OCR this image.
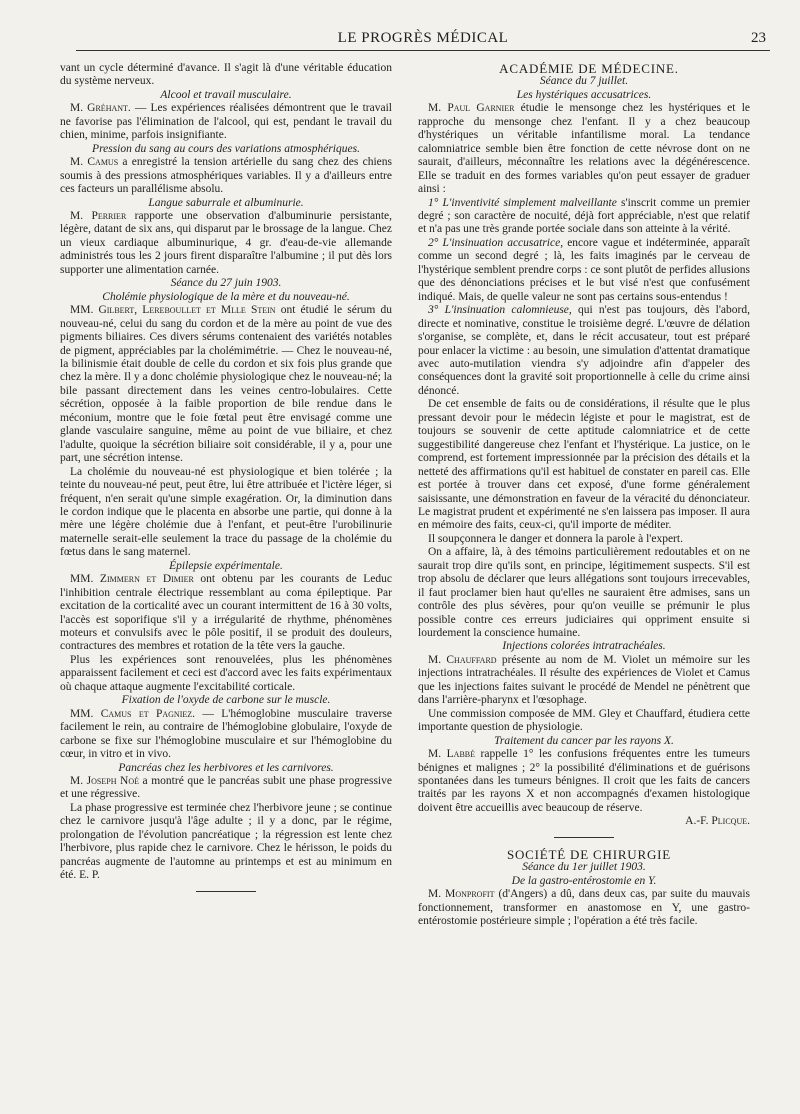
LE PROGRÈS MÉDICAL	23

vant un cycle déterminé d'avance. Il s'agit là d'une véritable éducation du système nerveux.

Alcool et travail musculaire.

M. Gréhant. — Les expériences réalisées démontrent que le travail ne favorise pas l'élimination de l'alcool, qui est, pendant le travail du chien, minime, parfois insignifiante.

Pression du sang au cours des variations atmosphériques.

M. Camus a enregistré la tension artérielle du sang chez des chiens soumis à des pressions atmosphériques variables. Il y a d'ailleurs entre ces facteurs un parallélisme absolu.

Langue saburrale et albuminurie.

M. Perrier rapporte une observation d'albuminurie persistante, légère, datant de six ans, qui disparut par le brossage de la langue. Chez un vieux cardiaque albuminurique, 4 gr. d'eau-de-vie allemande administrés tous les 2 jours firent disparaître l'albumine ; il put dès lors supporter une alimentation carnée.

Séance du 27 juin 1903.

Cholémie physiologique de la mère et du nouveau-né.

MM. Gilbert, Lereboullet et Mlle Stein ont étudié le sérum du nouveau-né, celui du sang du cordon et de la mère au point de vue des pigments biliaires. Ces divers sérums contenaient des variétés notables de pigment, appréciables par la cholémimétrie. — Chez le nouveau-né, la bilinismie était double de celle du cordon et six fois plus grande que chez la mère. Il y a donc cholémie physiologique chez le nouveau-né; la bile passant directement dans les veines centro-lobulaires. Cette sécrétion, opposée à la faible proportion de bile rendue dans le méconium, montre que le foie fœtal peut être envisagé comme une glande vasculaire sanguine, même au point de vue biliaire, et chez l'adulte, quoique la sécrétion biliaire soit considérable, il y a, pour une part, une sécrétion intense.

La cholémie du nouveau-né est physiologique et bien tolérée ; la teinte du nouveau-né peut, peut être, lui être attribuée et l'ictère léger, si fréquent, n'en serait qu'une simple exagération. Or, la diminution dans le cordon indique que le placenta en absorbe une partie, qui donne à la mère une légère cholémie due à l'enfant, et peut-être l'urobilinurie maternelle serait-elle seulement la trace du passage de la cholémie du fœtus dans le sang maternel.

Épilepsie expérimentale.

MM. Zimmern et Dimier ont obtenu par les courants de Leduc l'inhibition centrale électrique ressemblant au coma épileptique. Par excitation de la corticalité avec un courant intermittent de 16 à 30 volts, l'accès est soporifique s'il y a irrégularité de rhythme, phénomènes moteurs et convulsifs avec le pôle positif, il se produit des douleurs, contractures des membres et rotation de la tête vers la gauche.

Plus les expériences sont renouvelées, plus les phénomènes apparaissent facilement et ceci est d'accord avec les faits expérimentaux où chaque attaque augmente l'excitabilité corticale.

Fixation de l'oxyde de carbone sur le muscle.

MM. Camus et Pagniez. — L'hémoglobine musculaire traverse facilement le rein, au contraire de l'hémoglobine globulaire, l'oxyde de carbone se fixe sur l'hémoglobine musculaire et sur l'hémoglobine du cœur, in vitro et in vivo.

Pancréas chez les herbivores et les carnivores.

M. Joseph Noé a montré que le pancréas subit une phase progressive et une régressive.

La phase progressive est terminée chez l'herbivore jeune ; se continue chez le carnivore jusqu'à l'âge adulte ; il y a donc, par le régime, prolongation de l'évolution pancréatique ; la régression est lente chez l'herbivore, plus rapide chez le carnivore. Chez le hérisson, le poids du pancréas augmente de l'automne au printemps et est au minimum en été. E. P.

ACADÉMIE DE MÉDECINE.

Séance du 7 juillet.

Les hystériques accusatrices.

M. Paul Garnier étudie le mensonge chez les hystériques et le rapproche du mensonge chez l'enfant. Il y a chez beaucoup d'hystériques un véritable infantilisme moral. La tendance calomniatrice semble bien être fonction de cette névrose dont on ne saurait, d'ailleurs, méconnaître les relations avec la dégénérescence. Elle se traduit en des formes variables qu'on peut essayer de graduer ainsi :

1° L'inventivité simplement malveillante s'inscrit comme un premier degré ; son caractère de nocuité, déjà fort appréciable, n'est que relatif et n'a pas une très grande portée sociale dans son atteinte à la vérité.

2° L'insinuation accusatrice, encore vague et indéterminée, apparaît comme un second degré ; là, les faits imaginés par le cerveau de l'hystérique semblent prendre corps : ce sont plutôt de perfides allusions que des dénonciations précises et le but visé n'est que confusément indiqué. Mais, de quelle valeur ne sont pas certains sous-entendus !

3° L'insinuation calomnieuse, qui n'est pas toujours, dès l'abord, directe et nominative, constitue le troisième degré. L'œuvre de délation s'organise, se complète, et, dans le récit accusateur, tout est préparé pour enlacer la victime : au besoin, une simulation d'attentat dramatique avec auto-mutilation viendra s'y adjoindre afin d'appeler des conséquences dont la gravité soit proportionnelle à celle du crime ainsi dénoncé.

De cet ensemble de faits ou de considérations, il résulte que le plus pressant devoir pour le médecin légiste et pour le magistrat, est de toujours se souvenir de cette aptitude calomniatrice et de cette suggestibilité dangereuse chez l'enfant et l'hystérique. La justice, on le comprend, est fortement impressionnée par la précision des détails et la netteté des affirmations qu'il est habituel de constater en pareil cas. Elle est portée à trouver dans cet exposé, d'une forme généralement saisissante, une démonstration en faveur de la véracité du dénonciateur. Le magistrat prudent et expérimenté ne s'en laissera pas imposer. Il aura en mémoire des faits, ceux-ci, qu'il importe de méditer.

Il soupçonnera le danger et donnera la parole à l'expert.

On a affaire, là, à des témoins particulièrement redoutables et on ne saurait trop dire qu'ils sont, en principe, légitimement suspects. S'il est trop absolu de déclarer que leurs allégations sont toujours irrecevables, il faut proclamer bien haut qu'elles ne sauraient être admises, sans un contrôle des plus sévères, pour qu'on veuille se prémunir le plus possible contre ces erreurs judiciaires qui oppriment ensuite si lourdement la conscience humaine.

Injections colorées intratrachéales.

M. Chauffard présente au nom de M. Violet un mémoire sur les injections intratrachéales. Il résulte des expériences de Violet et Camus que les injections faites suivant le procédé de Mendel ne pénètrent que dans l'arrière-pharynx et l'œsophage.

Une commission composée de MM. Gley et Chauffard, étudiera cette importante question de physiologie.

Traitement du cancer par les rayons X.

M. Labbé rappelle 1° les confusions fréquentes entre les tumeurs bénignes et malignes ; 2° la possibilité d'éliminations et de guérisons spontanées dans les tumeurs bénignes. Il croit que les faits de cancers traités par les rayons X et non accompagnés d'examen histologique doivent être accueillis avec beaucoup de réserve.

A.-F. Plicque.

SOCIÉTÉ DE CHIRURGIE

Séance du 1er juillet 1903.

De la gastro-entérostomie en Y.

M. Monprofit (d'Angers) a dû, dans deux cas, par suite du mauvais fonctionnement, transformer en anastomose en Y, une gastro-entérostomie postérieure simple ; l'opération a été très facile.
